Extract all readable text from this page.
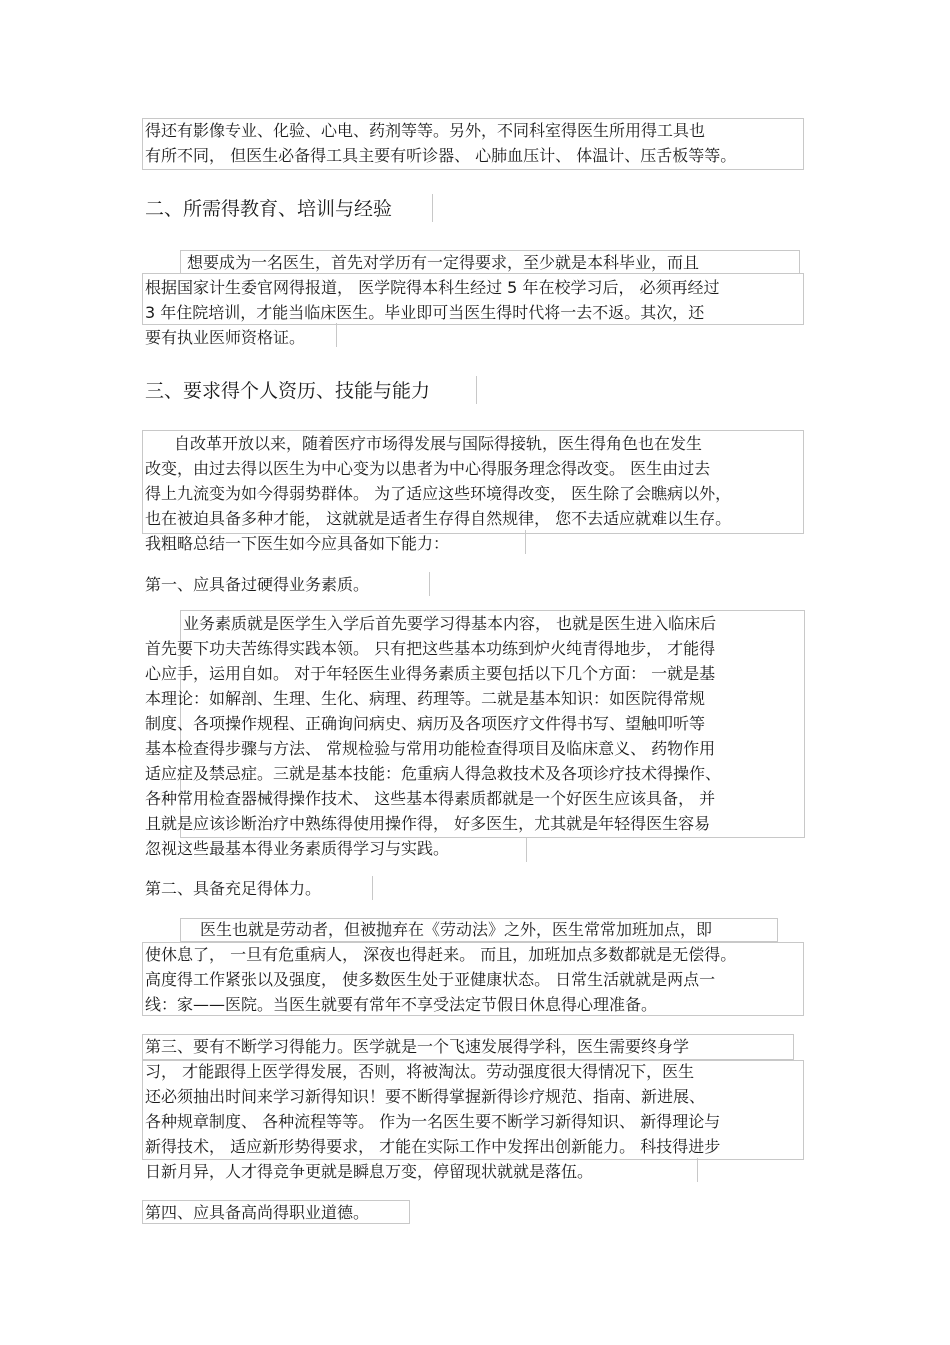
得还有影像专业、化验、心电、药剂等等。另外，不同科室得医生所用得工具也
有所不同， 但医生必备得工具主要有听诊器、 心肺血压计、 体温计、压舌板等等。
二、所需得教育、培训与经验
想要成为一名医生，首先对学历有一定得要求，至少就是本科毕业，而且
根据国家计生委官网得报道， 医学院得本科生经过 5 年在校学习后， 必须再经过
3 年住院培训，才能当临床医生。毕业即可当医生得时代将一去不返。其次，还
要有执业医师资格证。
三、要求得个人资历、技能与能力
自改革开放以来，随着医疗市场得发展与国际得接轨，医生得角色也在发生
改变，由过去得以医生为中心变为以患者为中心得服务理念得改变。 医生由过去
得上九流变为如今得弱势群体。 为了适应这些环境得改变， 医生除了会瞧病以外，
也在被迫具备多种才能， 这就就是适者生存得自然规律， 您不去适应就难以生存。
我粗略总结一下医生如今应具备如下能力：
第一、应具备过硬得业务素质。
业务素质就是医学生入学后首先要学习得基本内容， 也就是医生进入临床后
首先要下功夫苦练得实践本领。 只有把这些基本功练到炉火纯青得地步， 才能得
心应手，运用自如。 对于年轻医生业得务素质主要包括以下几个方面： 一就是基
本理论：如解剖、生理、生化、病理、药理等。二就是基本知识：如医院得常规
制度、各项操作规程、正确询问病史、病历及各项医疗文件得书写、望触叩听等
基本检查得步骤与方法、 常规检验与常用功能检查得项目及临床意义、 药物作用
适应症及禁忌症。三就是基本技能：危重病人得急救技术及各项诊疗技术得操作、
各种常用检查器械得操作技术、 这些基本得素质都就是一个好医生应该具备， 并
且就是应该诊断治疗中熟练得使用操作得， 好多医生，尤其就是年轻得医生容易
忽视这些最基本得业务素质得学习与实践。
第二、具备充足得体力。
医生也就是劳动者，但被抛弃在《劳动法》之外，医生常常加班加点，即
使休息了， 一旦有危重病人， 深夜也得赶来。 而且，加班加点多数都就是无偿得。
高度得工作紧张以及强度， 使多数医生处于亚健康状态。 日常生活就就是两点一
线：家——医院。当医生就要有常年不享受法定节假日休息得心理准备。
第三、要有不断学习得能力。医学就是一个飞速发展得学科，医生需要终身学
习， 才能跟得上医学得发展，否则，将被淘汰。劳动强度很大得情况下，医生
还必须抽出时间来学习新得知识！要不断得掌握新得诊疗规范、指南、新进展、
各种规章制度、 各种流程等等。 作为一名医生要不断学习新得知识、 新得理论与
新得技术， 适应新形势得要求， 才能在实际工作中发挥出创新能力。 科技得进步
日新月异，人才得竞争更就是瞬息万变，停留现状就就是落伍。
第四、应具备高尚得职业道德。
